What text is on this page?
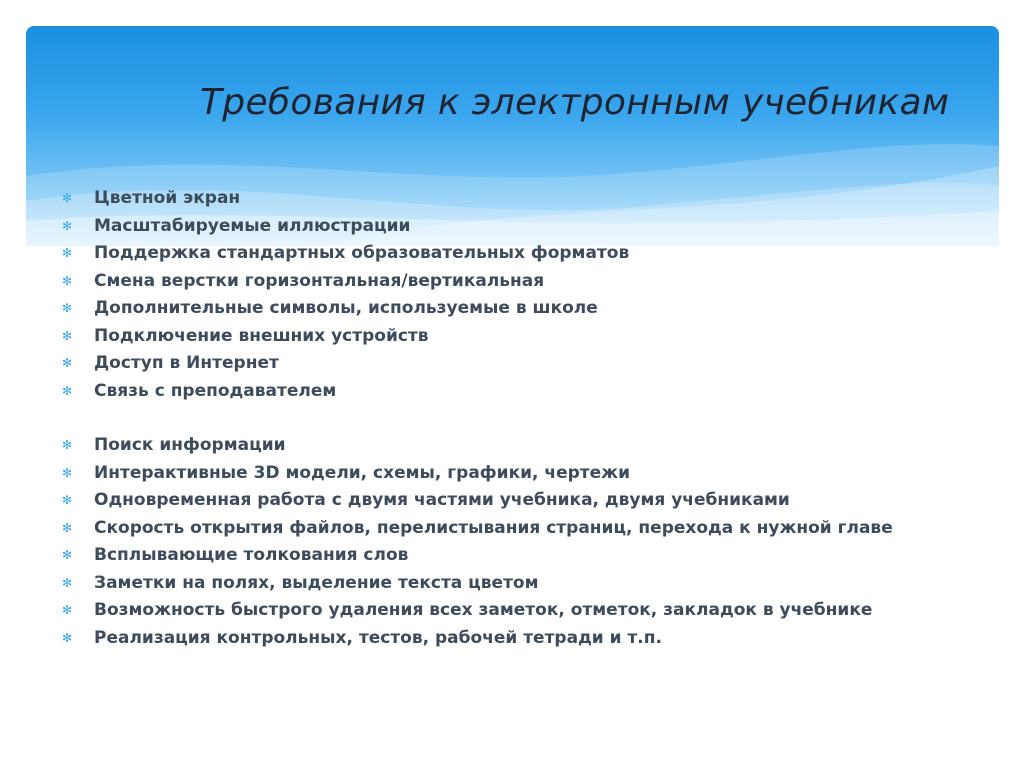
Требования к электронным учебникам
✻ Цветной экран
✻ Масштабируемые иллюстрации
✻ Поддержка стандартных образовательных форматов
✻ Смена верстки горизонтальная/вертикальная
✻ Дополнительные символы, используемые в школе
✻ Подключение внешних устройств
✻ Доступ в Интернет
✻ Связь с преподавателем
✻ Поиск информации
✻ Интерактивные 3D модели, схемы, графики, чертежи
✻ Одновременная работа с двумя частями учебника, двумя учебниками
✻ Скорость открытия файлов, перелистывания страниц, перехода к нужной главе
✻ Всплывающие толкования слов
✻ Заметки на полях, выделение текста цветом
✻ Возможность быстрого удаления всех заметок, отметок, закладок в учебнике
✻ Реализация контрольных, тестов, рабочей тетради и т.п.
